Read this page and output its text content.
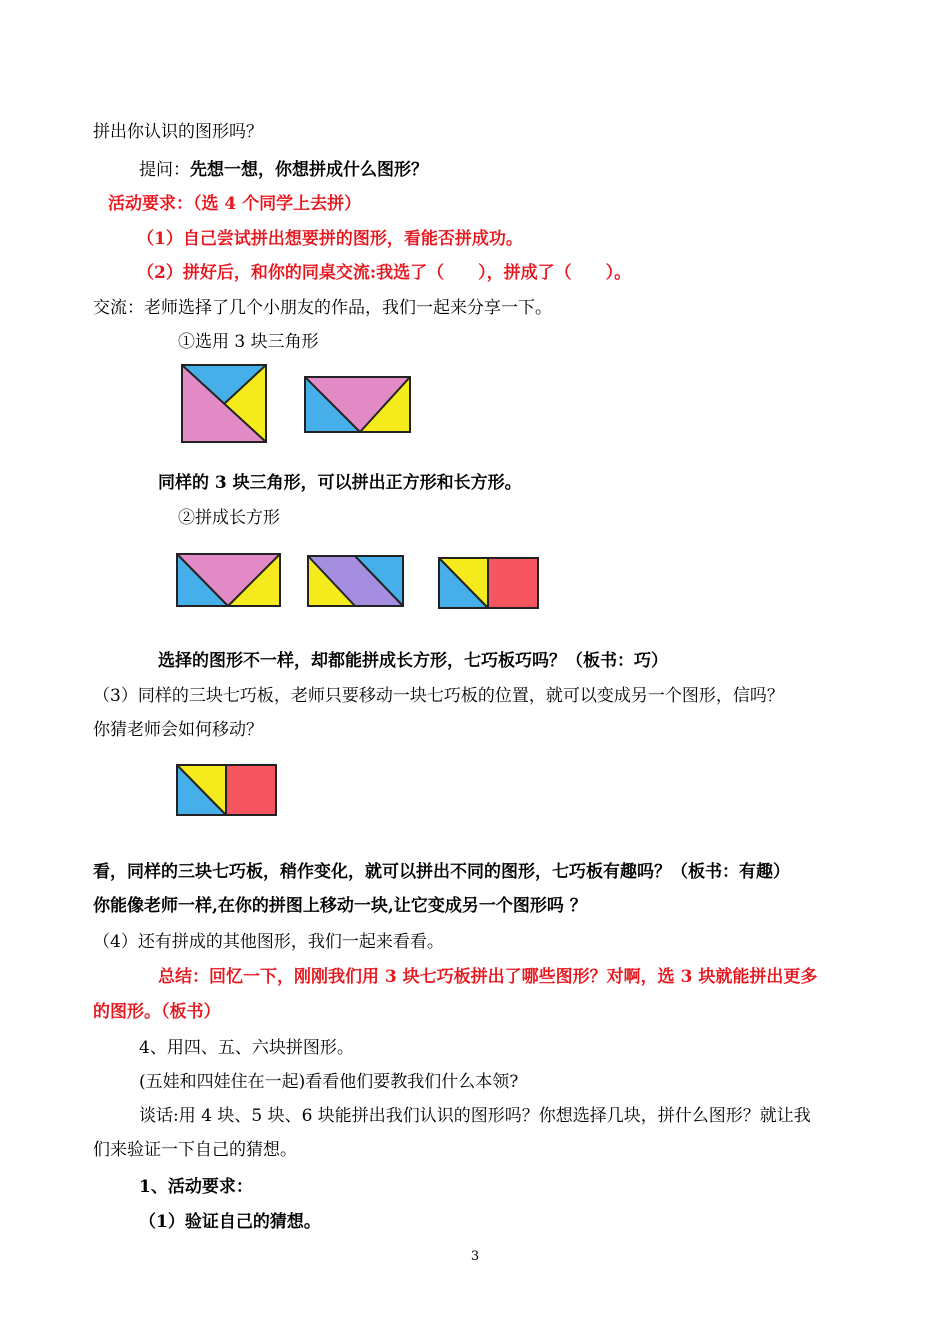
拼出你认识的图形吗？
提问：先想一想，你想拼成什么图形？
活动要求：（选 4 个同学上去拼）
（1）自己尝试拼出想要拼的图形，看能否拼成功。
（2）拼好后，和你的同桌交流:我选了（　　），拼成了（　　）。
交流：老师选择了几个小朋友的作品，我们一起来分享一下。
①选用 3 块三角形
同样的 3 块三角形，可以拼出正方形和长方形。
②拼成长方形
选择的图形不一样，却都能拼成长方形，七巧板巧吗？（板书：巧）
（3）同样的三块七巧板，老师只要移动一块七巧板的位置，就可以变成另一个图形，信吗？
你猜老师会如何移动？
看，同样的三块七巧板，稍作变化，就可以拼出不同的图形，七巧板有趣吗？（板书：有趣）
你能像老师一样,在你的拼图上移动一块,让它变成另一个图形吗 ？
（4）还有拼成的其他图形，我们一起来看看。
总结：回忆一下，刚刚我们用 3 块七巧板拼出了哪些图形？对啊，选 3 块就能拼出更多
的图形。（板书）
4、用四、五、六块拼图形。
(五娃和四娃住在一起)看看他们要教我们什么本领?
谈话:用 4 块、5 块、6 块能拼出我们认识的图形吗？你想选择几块，拼什么图形？就让我
们来验证一下自己的猜想。
1、活动要求：
（1）验证自己的猜想。
3
